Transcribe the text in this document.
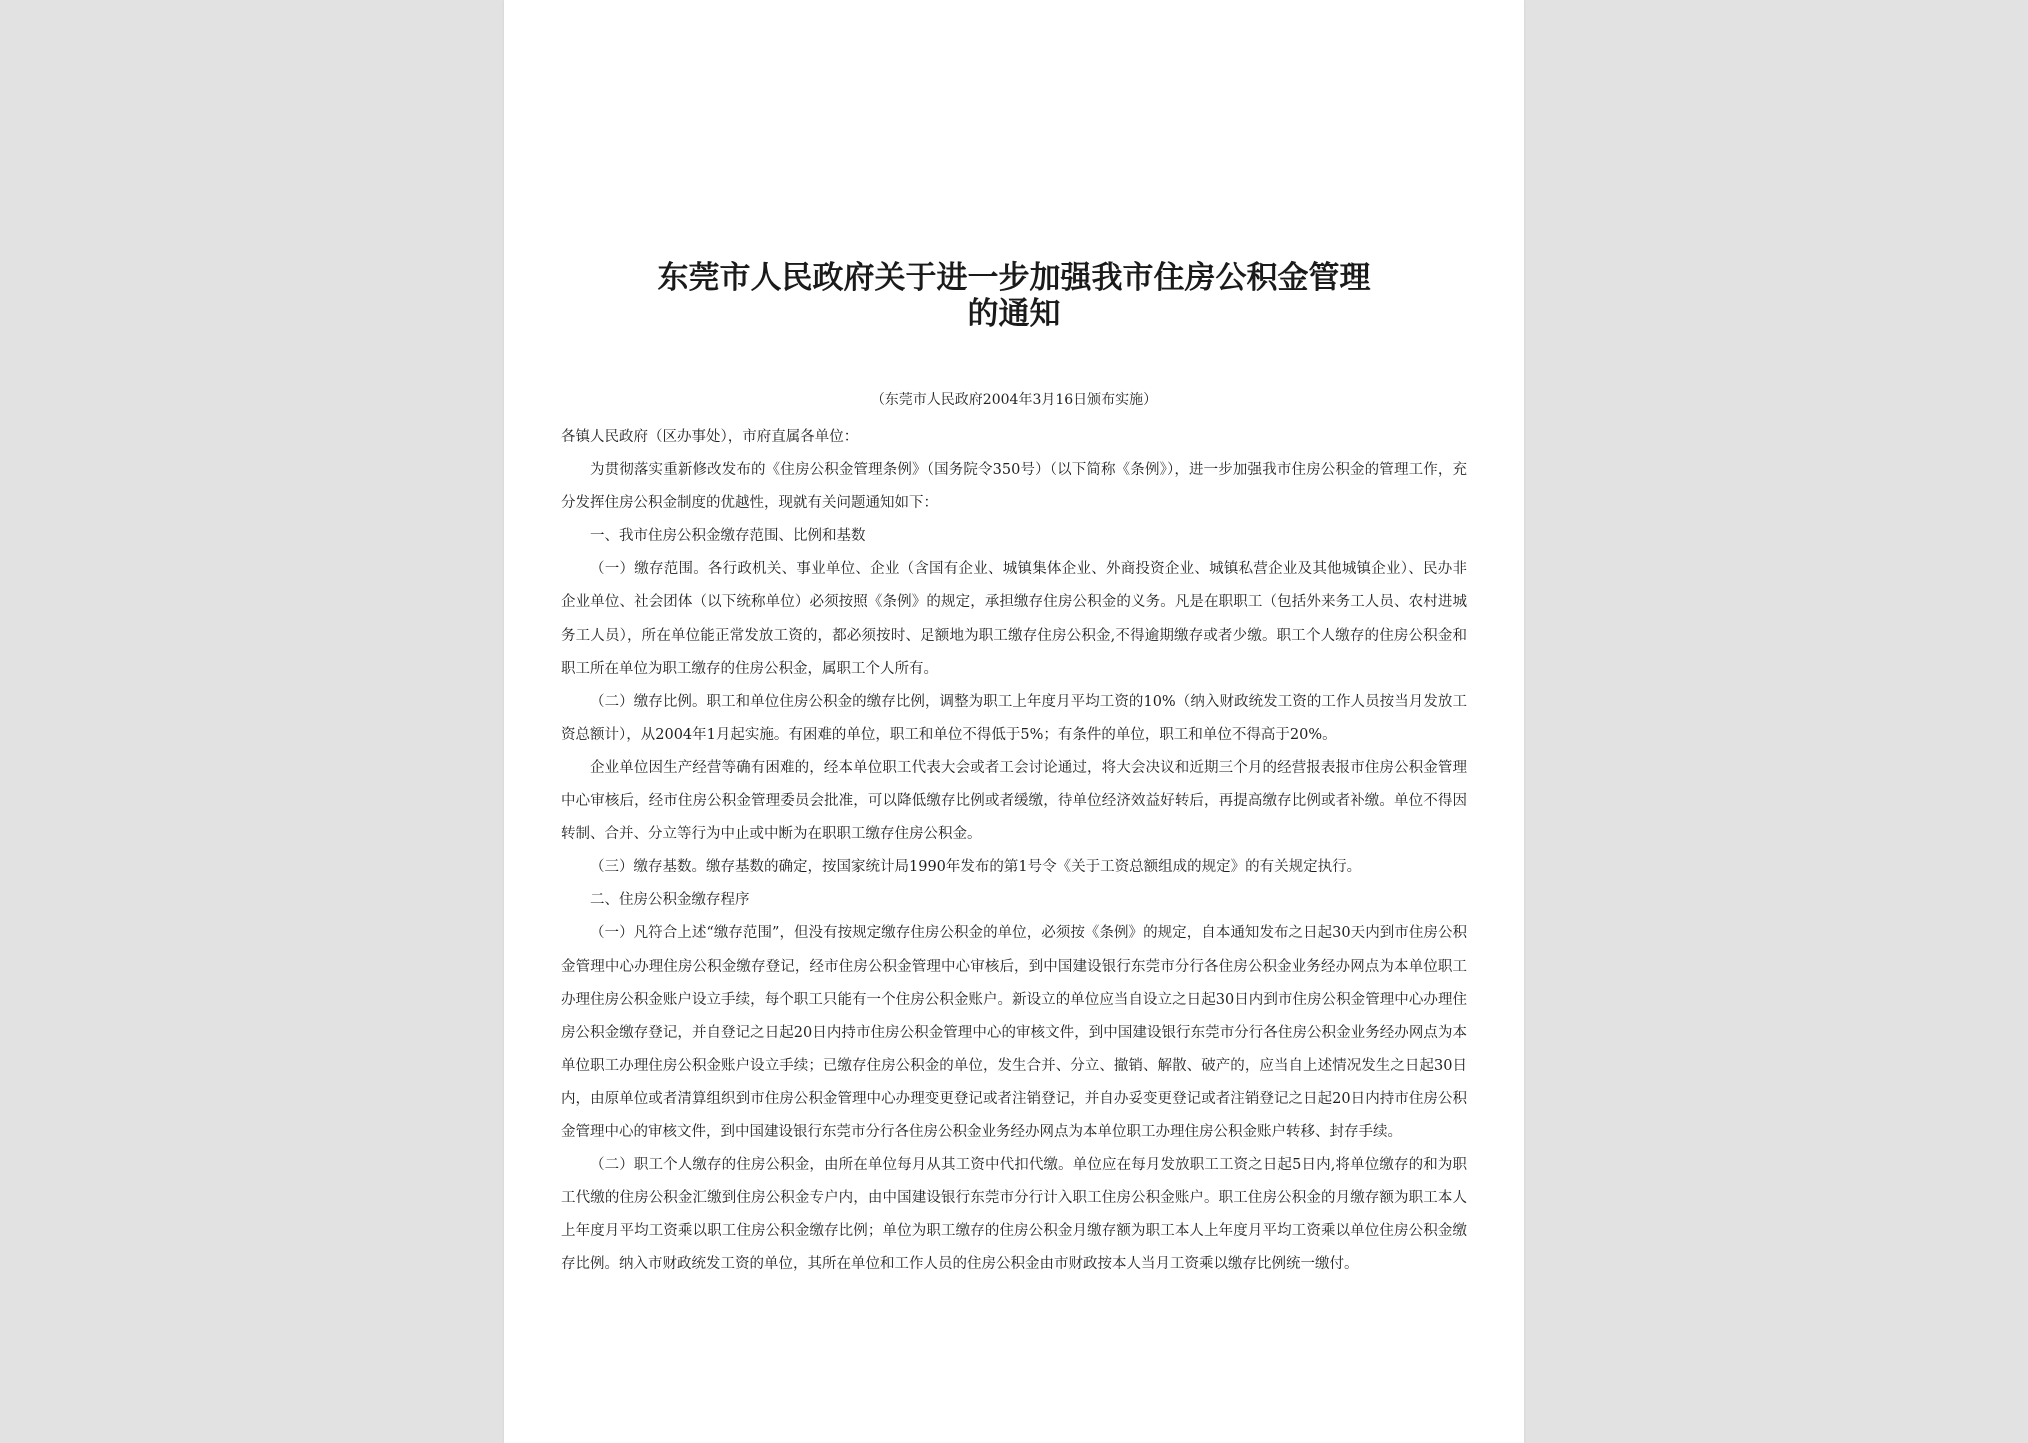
东莞市人民政府关于进一步加强我市住房公积金管理
的通知
（东莞市人民政府2004年3月16日颁布实施）

各镇人民政府（区办事处），市府直属各单位：

为贯彻落实重新修改发布的《住房公积金管理条例》（国务院令350号）（以下简称《条例》），进一步加强我市住房公积金的管理工作，充分发挥住房公积金制度的优越性，现就有关问题通知如下：

一、我市住房公积金缴存范围、比例和基数

（一）缴存范围。各行政机关、事业单位、企业（含国有企业、城镇集体企业、外商投资企业、城镇私营企业及其他城镇企业）、民办非企业单位、社会团体（以下统称单位）必须按照《条例》的规定，承担缴存住房公积金的义务。凡是在职职工（包括外来务工人员、农村进城务工人员），所在单位能正常发放工资的，都必须按时、足额地为职工缴存住房公积金,不得逾期缴存或者少缴。职工个人缴存的住房公积金和职工所在单位为职工缴存的住房公积金，属职工个人所有。

（二）缴存比例。职工和单位住房公积金的缴存比例，调整为职工上年度月平均工资的10%（纳入财政统发工资的工作人员按当月发放工资总额计），从2004年1月起实施。有困难的单位，职工和单位不得低于5%；有条件的单位，职工和单位不得高于20%。

企业单位因生产经营等确有困难的，经本单位职工代表大会或者工会讨论通过，将大会决议和近期三个月的经营报表报市住房公积金管理中心审核后，经市住房公积金管理委员会批准，可以降低缴存比例或者缓缴，待单位经济效益好转后，再提高缴存比例或者补缴。单位不得因转制、合并、分立等行为中止或中断为在职职工缴存住房公积金。

（三）缴存基数。缴存基数的确定，按国家统计局1990年发布的第1号令《关于工资总额组成的规定》的有关规定执行。

二、住房公积金缴存程序

（一）凡符合上述“缴存范围”，但没有按规定缴存住房公积金的单位，必须按《条例》的规定，自本通知发布之日起30天内到市住房公积金管理中心办理住房公积金缴存登记，经市住房公积金管理中心审核后，到中国建设银行东莞市分行各住房公积金业务经办网点为本单位职工办理住房公积金账户设立手续，每个职工只能有一个住房公积金账户。新设立的单位应当自设立之日起30日内到市住房公积金管理中心办理住房公积金缴存登记，并自登记之日起20日内持市住房公积金管理中心的审核文件，到中国建设银行东莞市分行各住房公积金业务经办网点为本单位职工办理住房公积金账户设立手续；已缴存住房公积金的单位，发生合并、分立、撤销、解散、破产的，应当自上述情况发生之日起30日内，由原单位或者清算组织到市住房公积金管理中心办理变更登记或者注销登记，并自办妥变更登记或者注销登记之日起20日内持市住房公积金管理中心的审核文件，到中国建设银行东莞市分行各住房公积金业务经办网点为本单位职工办理住房公积金账户转移、封存手续。

（二）职工个人缴存的住房公积金，由所在单位每月从其工资中代扣代缴。单位应在每月发放职工工资之日起5日内,将单位缴存的和为职工代缴的住房公积金汇缴到住房公积金专户内，由中国建设银行东莞市分行计入职工住房公积金账户。职工住房公积金的月缴存额为职工本人上年度月平均工资乘以职工住房公积金缴存比例；单位为职工缴存的住房公积金月缴存额为职工本人上年度月平均工资乘以单位住房公积金缴存比例。纳入市财政统发工资的单位，其所在单位和工作人员的住房公积金由市财政按本人当月工资乘以缴存比例统一缴付。
